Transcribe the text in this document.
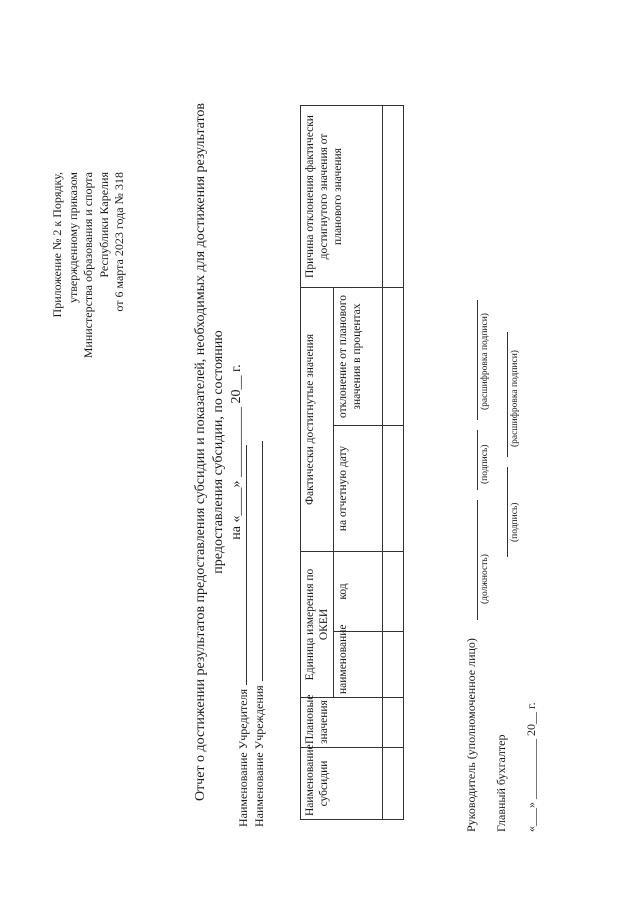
Приложение № 2 к Порядку, утвержденному приказом Министерства образования и спорта Республики Карелия от 6 марта 2023 года № 318	Отчет о достижении результатов предоставления субсидии и показателей, необходимых для достижения результатов предоставления субсидии, по состоянию на «____» __________ 20__ г.
Наименование Учредителя Наименование Учреждения	Наименование субсидии	Плановые значения	Единица измерения по ОКЕИ		Фактически достигнутые значения		Причина отклонения фактически достигнутого значения от планового значения
		наименование	код	на отчетную дату	отклонение от планового значения в процентах	

Руководитель (уполномоченное лицо)
(должность)
(подпись)
(расшифровка подписи)
Главный бухгалтер
(подпись)
(расшифровка подписи)
«___» __________ 20__ г.
